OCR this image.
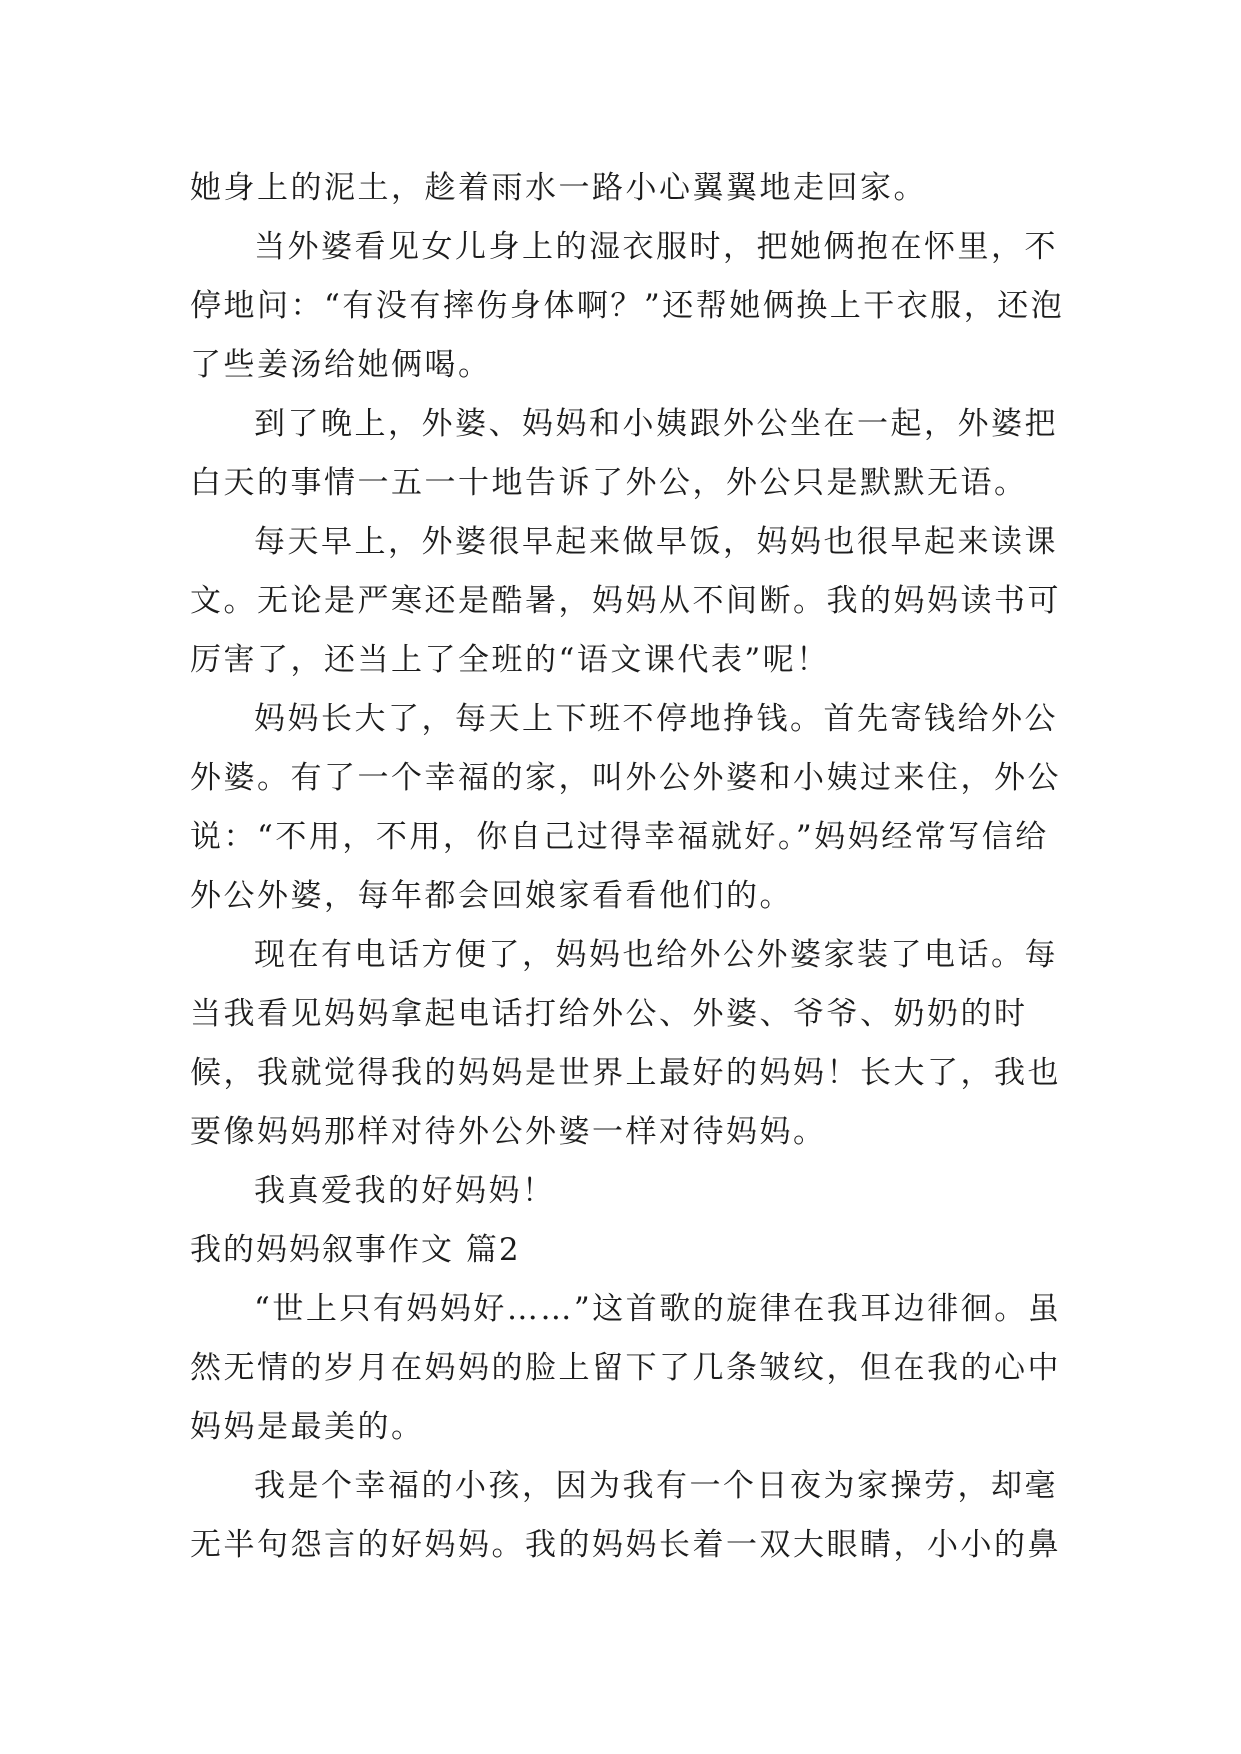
她身上的泥土，趁着雨水一路小心翼翼地走回家。

当外婆看见女儿身上的湿衣服时，把她俩抱在怀里，不停地问：“有没有摔伤身体啊？”还帮她俩换上干衣服，还泡了些姜汤给她俩喝。

到了晚上，外婆、妈妈和小姨跟外公坐在一起，外婆把白天的事情一五一十地告诉了外公，外公只是默默无语。

每天早上，外婆很早起来做早饭，妈妈也很早起来读课文。无论是严寒还是酷暑，妈妈从不间断。我的妈妈读书可厉害了，还当上了全班的“语文课代表”呢！

妈妈长大了，每天上下班不停地挣钱。首先寄钱给外公外婆。有了一个幸福的家，叫外公外婆和小姨过来住，外公说：“不用，不用，你自己过得幸福就好。”妈妈经常写信给外公外婆，每年都会回娘家看看他们的。

现在有电话方便了，妈妈也给外公外婆家装了电话。每当我看见妈妈拿起电话打给外公、外婆、爷爷、奶奶的时候，我就觉得我的妈妈是世界上最好的妈妈！长大了，我也要像妈妈那样对待外公外婆一样对待妈妈。

我真爱我的好妈妈！

我的妈妈叙事作文 篇2

“世上只有妈妈好……”这首歌的旋律在我耳边徘徊。虽然无情的岁月在妈妈的脸上留下了几条皱纹，但在我的心中妈妈是最美的。

我是个幸福的小孩，因为我有一个日夜为家操劳，却毫无半句怨言的好妈妈。我的妈妈长着一双大眼睛，小小的鼻
